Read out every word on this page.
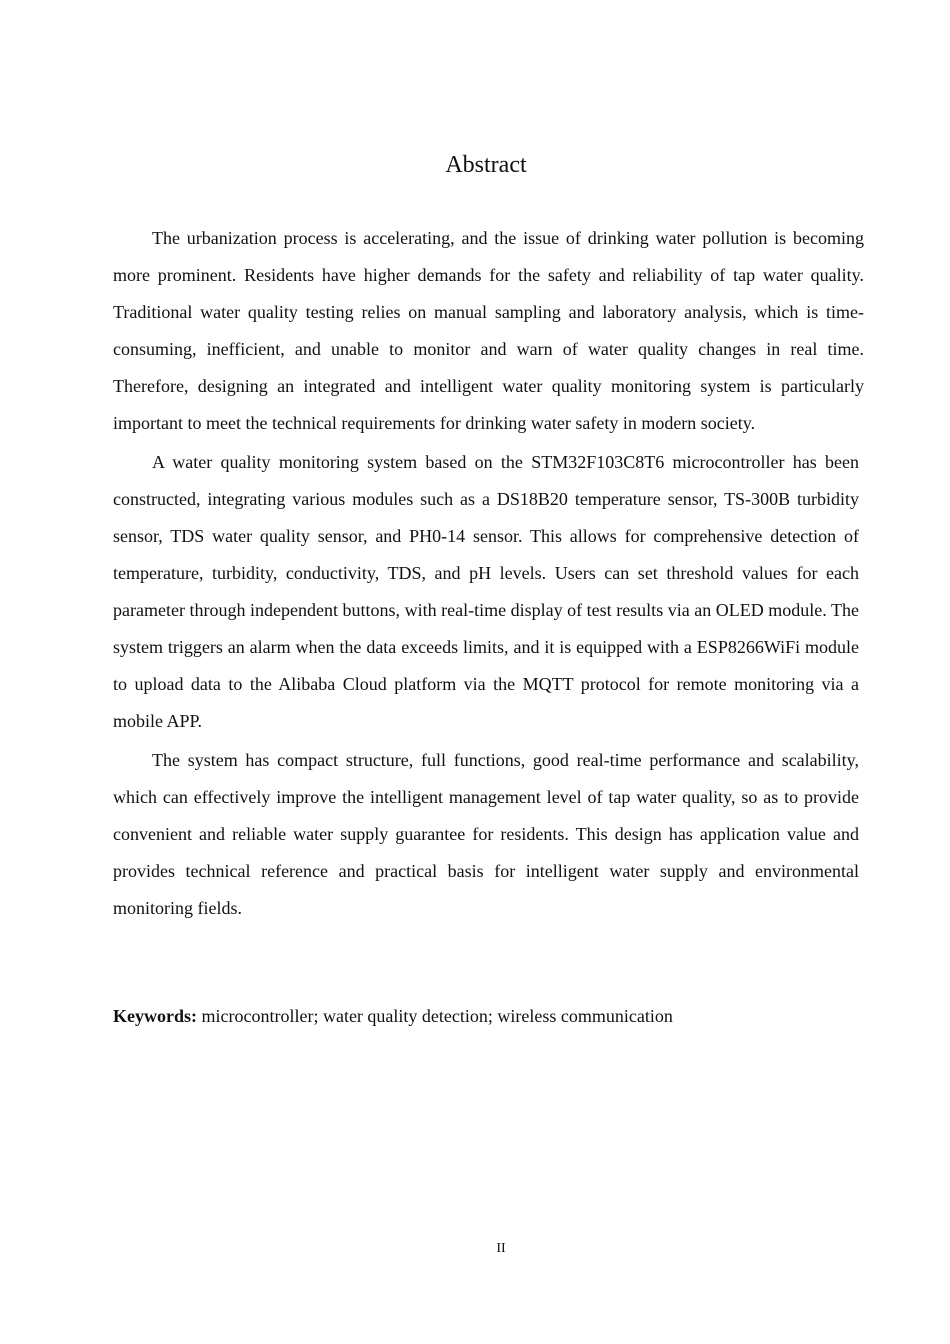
Abstract

The urbanization process is accelerating, and the issue of drinking water pollution is becoming more prominent. Residents have higher demands for the safety and reliability of tap water quality. Traditional water quality testing relies on manual sampling and laboratory analysis, which is time-consuming, inefficient, and unable to monitor and warn of water quality changes in real time. Therefore, designing an integrated and intelligent water quality monitoring system is particularly important to meet the technical requirements for drinking water safety in modern society.

A water quality monitoring system based on the STM32F103C8T6 microcontroller has been constructed, integrating various modules such as a DS18B20 temperature sensor, TS-300B turbidity sensor, TDS water quality sensor, and PH0-14 sensor. This allows for comprehensive detection of temperature, turbidity, conductivity, TDS, and pH levels. Users can set threshold values for each parameter through independent buttons, with real-time display of test results via an OLED module. The system triggers an alarm when the data exceeds limits, and it is equipped with a ESP8266WiFi module to upload data to the Alibaba Cloud platform via the MQTT protocol for remote monitoring via a mobile APP.

The system has compact structure, full functions, good real-time performance and scalability, which can effectively improve the intelligent management level of tap water quality, so as to provide convenient and reliable water supply guarantee for residents. This design has application value and provides technical reference and practical basis for intelligent water supply and environmental monitoring fields.

Keywords: microcontroller; water quality detection; wireless communication

II
